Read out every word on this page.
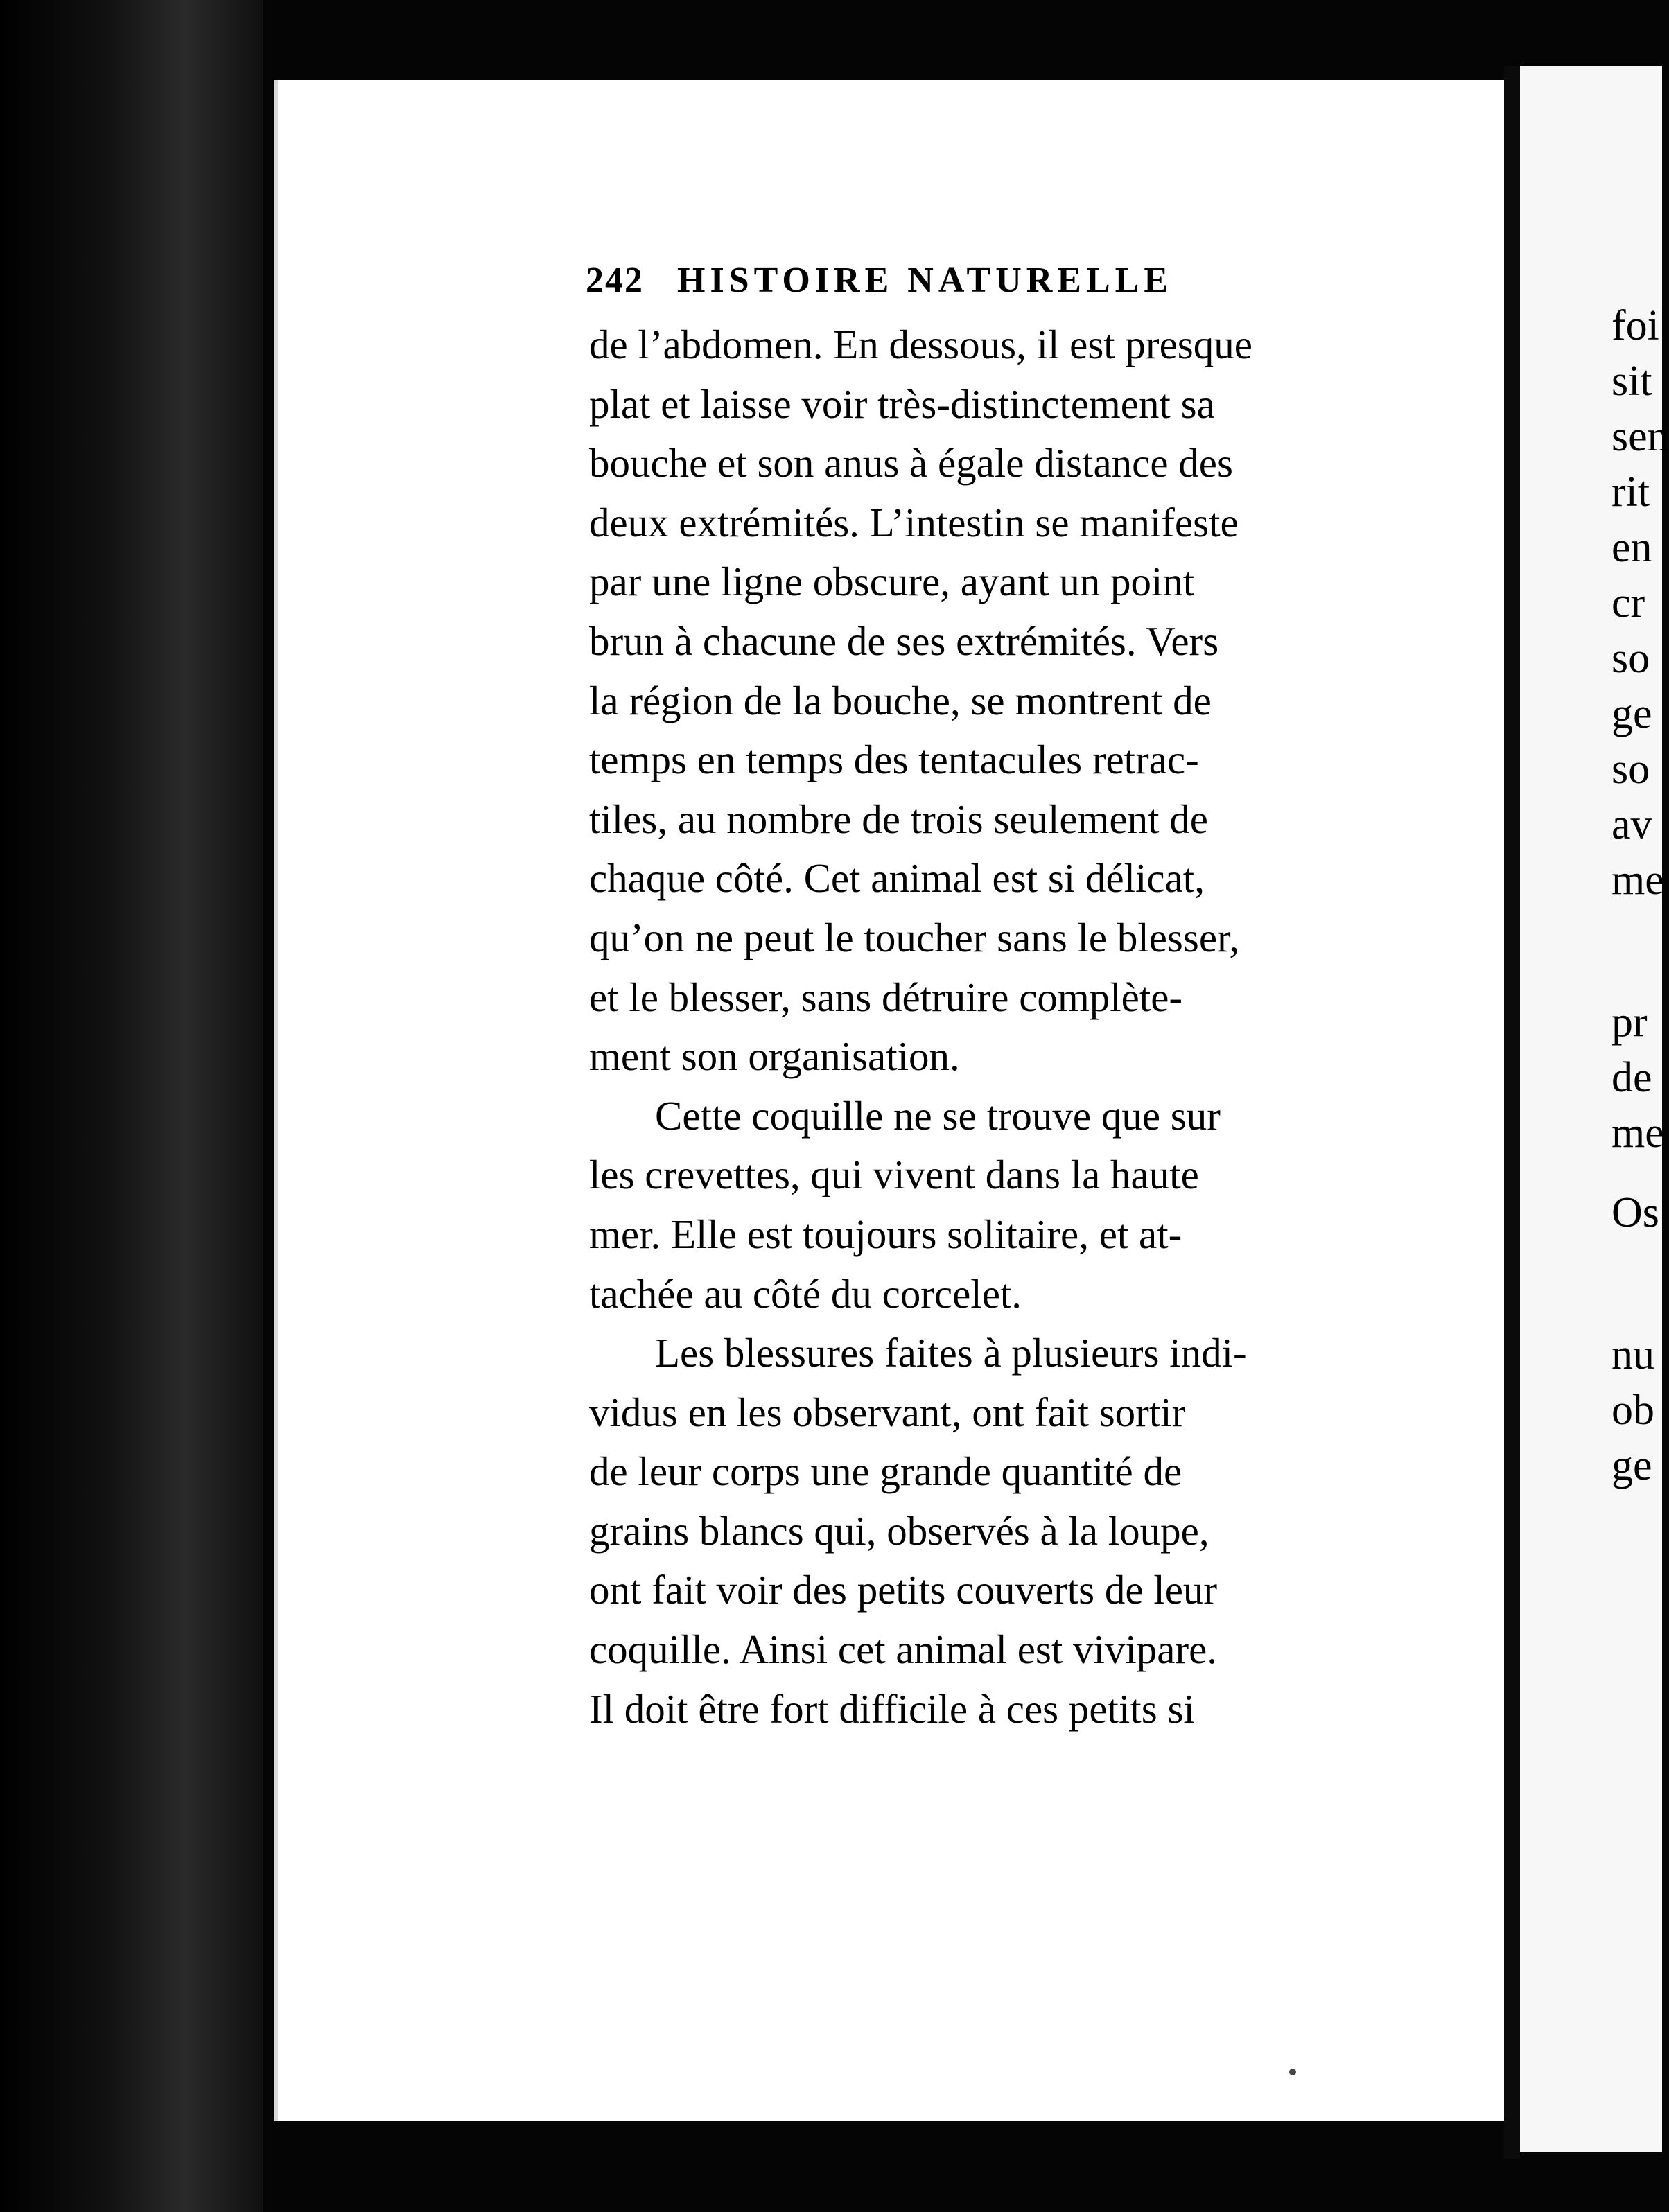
242 HISTOIRE NATURELLE
de l’abdomen. En dessous, il est presque
plat et laisse voir très-distinctement sa
bouche et son anus à égale distance des
deux extrémités. L’intestin se manifeste
par une ligne obscure, ayant un point
brun à chacune de ses extrémités. Vers
la région de la bouche, se montrent de
temps en temps des tentacules retrac-
tiles, au nombre de trois seulement de
chaque côté. Cet animal est si délicat,
qu’on ne peut le toucher sans le blesser,
et le blesser, sans détruire complète-
ment son organisation.
Cette coquille ne se trouve que sur
les crevettes, qui vivent dans la haute
mer. Elle est toujours solitaire, et at-
tachée au côté du corcelet.
Les blessures faites à plusieurs indi-
vidus en les observant, ont fait sortir
de leur corps une grande quantité de
grains blancs qui, observés à la loupe,
ont fait voir des petits couverts de leur
coquille. Ainsi cet animal est vivipare.
Il doit être fort difficile à ces petits si
foi
sit
sen
rit
en
cr
so
ge
so
av
me
pr
de
me
Os
nu
ob
ge
